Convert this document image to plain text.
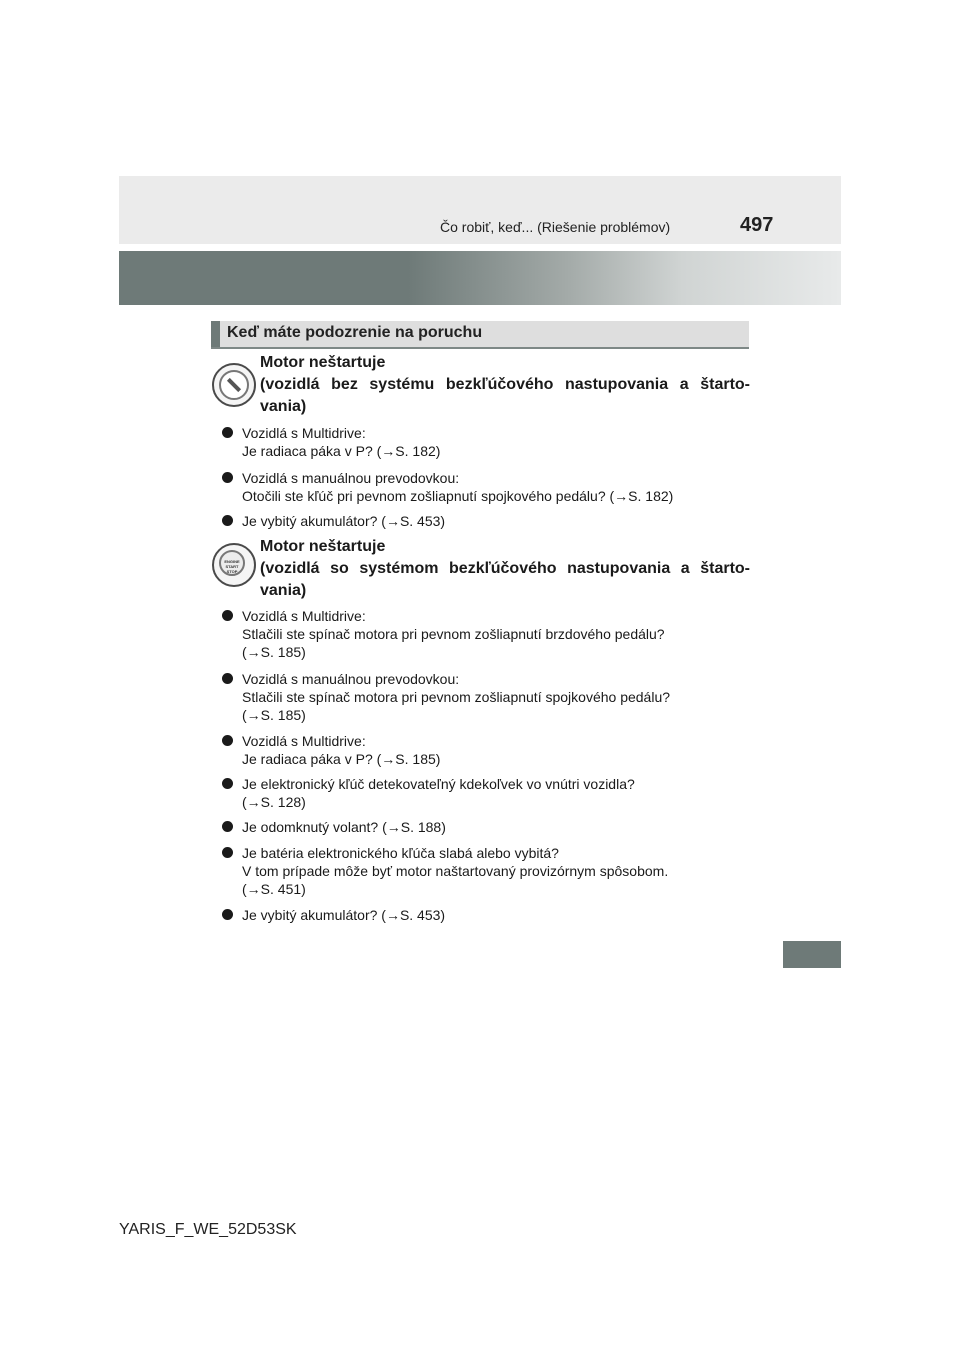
Čo robiť, keď... (Riešenie problémov)	497
Keď máte podozrenie na poruchu
Motor neštartuje

(vozidlá bez systému bezkľúčového nastupovania a štarto-
vania)
Vozidlá s Multidrive:
Je radiaca páka v P? (→S. 182)
Vozidlá s manuálnou prevodovkou:
Otočili ste kľúč pri pevnom zošliapnutí spojkového pedálu? (→S. 182)
Je vybitý akumulátor? (→S. 453)
ENGINE
START
STOP
Motor neštartuje

(vozidlá so systémom bezkľúčového nastupovania a štarto-
vania)
Vozidlá s Multidrive:
Stlačili ste spínač motora pri pevnom zošliapnutí brzdového pedálu?
(→S. 185)
Vozidlá s manuálnou prevodovkou:
Stlačili ste spínač motora pri pevnom zošliapnutí spojkového pedálu?
(→S. 185)
Vozidlá s Multidrive:
Je radiaca páka v P? (→S. 185)
Je elektronický kľúč detekovateľný kdekoľvek vo vnútri vozidla?
(→S. 128)
Je odomknutý volant? (→S. 188)
Je batéria elektronického kľúča slabá alebo vybitá?
V tom prípade môže byť motor naštartovaný provizórnym spôsobom.
(→S. 451)
Je vybitý akumulátor? (→S. 453)
YARIS_F_WE_52D53SK
